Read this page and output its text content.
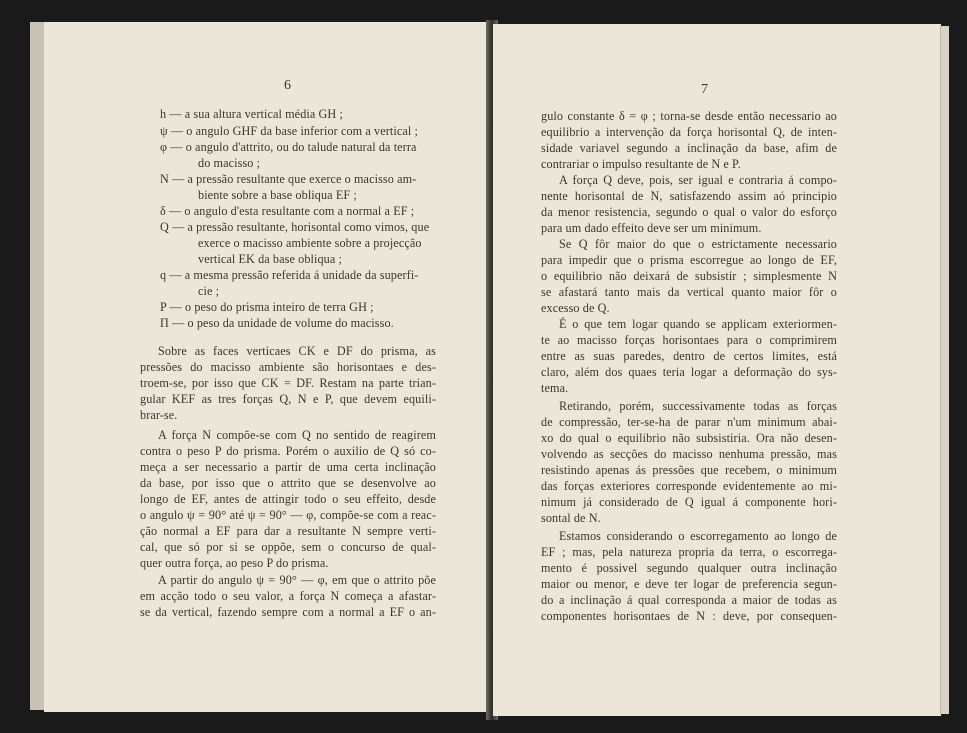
6
h — a sua altura vertical média GH ;
ψ — o angulo GHF da base inferior com a vertical ;
φ — o angulo d'attrito, ou do talude natural da terra
do macisso ;
N — a pressão resultante que exerce o macisso am-
biente sobre a base obliqua EF ;
δ — o angulo d'esta resultante com a normal a EF ;
Q — a pressão resultante, horisontal como vimos, que
exerce o macisso ambiente sobre a projecção
vertical EK da base obliqua ;
q — a mesma pressão referida á unidade da superfi-
cie ;
P — o peso do prisma inteiro de terra GH ;
Π — o peso da unidade de volume do macisso.
Sobre as faces verticaes CK e DF do prisma, as
pressões do macisso ambiente são horisontaes e des-
troem-se, por isso que CK = DF. Restam na parte trian-
gular KEF as tres forças Q, N e P, que devem equili-
brar-se.
A força N compõe-se com Q no sentido de reagirem
contra o peso P do prisma. Porém o auxilio de Q só co-
meça a ser necessario a partir de uma certa inclinação
da base, por isso que o attrito que se desenvolve ao
longo de EF, antes de attingir todo o seu effeito, desde
o angulo ψ = 90° até ψ = 90° — φ, compõe-se com a reac-
ção normal a EF para dar a resultante N sempre verti-
cal, que só por si se oppõe, sem o concurso de qual-
quer outra força, ao peso P do prisma.
A partir do angulo ψ = 90° — φ, em que o attrito põe
em acção todo o seu valor, a força N começa a afastar-
se da vertical, fazendo sempre com a normal a EF o an-
7
gulo constante δ = φ ; torna-se desde então necessario ao
equilibrio a intervenção da força horisontal Q, de inten-
sidade variavel segundo a inclinação da base, afim de
contrariar o impulso resultante de N e P.
A força Q deve, pois, ser igual e contraria á compo-
nente horisontal de N, satisfazendo assim aó principio
da menor resistencia, segundo o qual o valor do esforço
para um dado effeito deve ser um minimum.
Se Q fôr maior do que o estrictamente necessario
para impedir que o prisma escorregue ao longo de EF,
o equilibrio não deixará de subsistir ; simplesmente N
se afastará tanto mais da vertical quanto maior fôr o
excesso de Q.
É o que tem logar quando se applicam exteriormen-
te ao macisso forças horisontaes para o comprimirem
entre as suas paredes, dentro de certos limites, está
claro, além dos quaes teria logar a deformação do sys-
tema.
Retirando, porém, successivamente todas as forças
de compressão, ter-se-ha de parar n'um minimum abai-
xo do qual o equilibrio não subsistiria. Ora não desen-
volvendo as secções do macisso nenhuma pressão, mas
resistindo apenas ás pressões que recebem, o minimum
das forças exteriores corresponde evidentemente ao mi-
nimum já considerado de Q igual á componente hori-
sontal de N.
Estamos considerando o escorregamento ao longo de
EF ; mas, pela natureza propria da terra, o escorrega-
mento é possivel segundo qualquer outra inclinação
maior ou menor, e deve ter logar de preferencia segun-
do a inclinação á qual corresponda a maior de todas as
componentes horisontaes de N : deve, por consequen-
